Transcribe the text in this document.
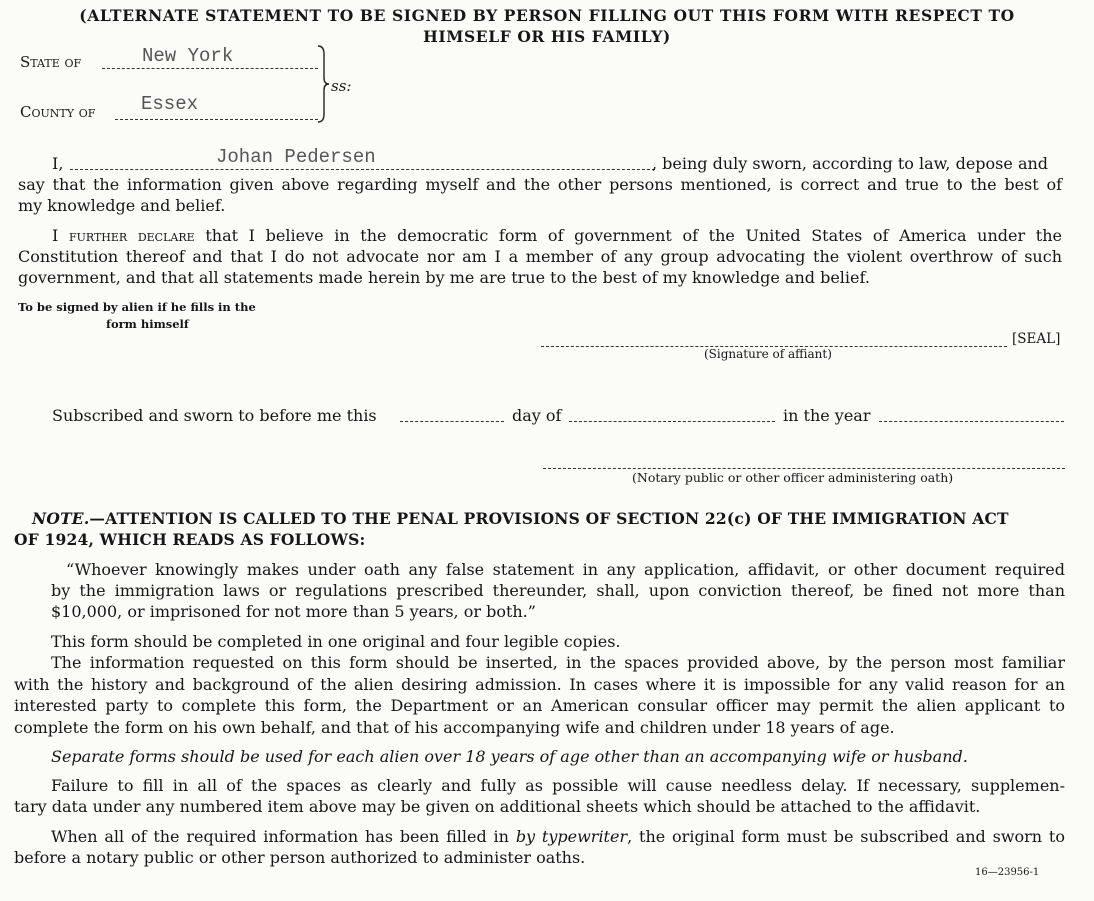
(ALTERNATE STATEMENT TO BE SIGNED BY PERSON FILLING OUT THIS FORM WITH RESPECT TO
HIMSELF OR HIS FAMILY)
State of	New York
County of Essex
ss:
I,	Johan Pedersen	, being duly sworn, according to law, depose and

say that the information given above regarding myself and the other persons mentioned, is correct and true to the best of

my knowledge and belief.

I further declare that I believe in the democratic form of government of the United States of America under the

Constitution thereof and that I do not advocate nor am I a member of any group advocating the violent overthrow of such

government, and that all statements made herein by me are true to the best of my knowledge and belief.

To be signed by alien if he fills in the
form himself
[SEAL]
(Signature of affiant)
Subscribed and sworn to before me this	day of	in the year
(Notary public or other officer administering oath)
NOTE.—ATTENTION IS CALLED TO THE PENAL PROVISIONS OF SECTION 22(c) OF THE IMMIGRATION ACT
OF 1924, WHICH READS AS FOLLOWS:

“Whoever knowingly makes under oath any false statement in any application, affidavit, or other document required

by the immigration laws or regulations prescribed thereunder, shall, upon conviction thereof, be fined not more than

$10,000, or imprisoned for not more than 5 years, or both.”

This form should be completed in one original and four legible copies.

The information requested on this form should be inserted, in the spaces provided above, by the person most familiar

with the history and background of the alien desiring admission. In cases where it is impossible for any valid reason for an

interested party to complete this form, the Department or an American consular officer may permit the alien applicant to

complete the form on his own behalf, and that of his accompanying wife and children under 18 years of age.

Separate forms should be used for each alien over 18 years of age other than an accompanying wife or husband.

Failure to fill in all of the spaces as clearly and fully as possible will cause needless delay. If necessary, supplemen-

tary data under any numbered item above may be given on additional sheets which should be attached to the affidavit.

When all of the required information has been filled in by typewriter, the original form must be subscribed and sworn to

before a notary public or other person authorized to administer oaths.

16—23956-1
